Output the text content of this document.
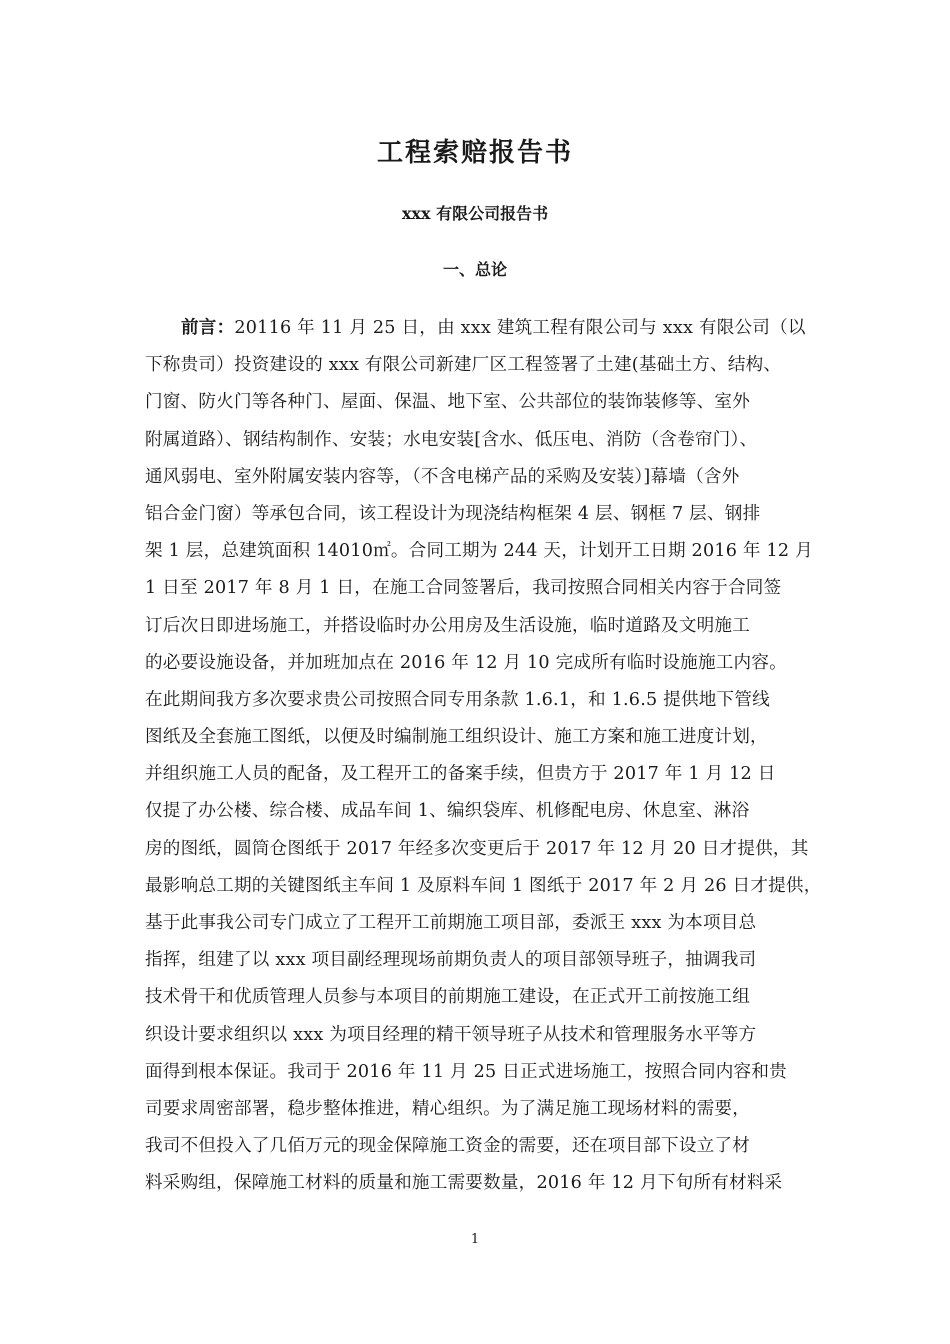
工程索赔报告书
xxx 有限公司报告书
一、总论
前言：20116 年 11 月 25 日，由 xxx 建筑工程有限公司与 xxx 有限公司（以
下称贵司）投资建设的 xxx 有限公司新建厂区工程签署了土建(基础土方、结构、
门窗、防火门等各种门、屋面、保温、地下室、公共部位的装饰装修等、室外
附属道路）、钢结构制作、安装；水电安装[含水、低压电、消防（含卷帘门）、
通风弱电、室外附属安装内容等，（不含电梯产品的采购及安装）]幕墙（含外
铝合金门窗）等承包合同，该工程设计为现浇结构框架 4 层、钢框 7 层、钢排
架 1 层，总建筑面积 14010㎡。合同工期为 244 天，计划开工日期 2016 年 12 月
1 日至 2017 年 8 月 1 日，在施工合同签署后，我司按照合同相关内容于合同签
订后次日即进场施工，并搭设临时办公用房及生活设施，临时道路及文明施工
的必要设施设备，并加班加点在 2016 年 12 月 10 完成所有临时设施施工内容。
在此期间我方多次要求贵公司按照合同专用条款 1.6.1，和 1.6.5 提供地下管线
图纸及全套施工图纸，以便及时编制施工组织设计、施工方案和施工进度计划，
并组织施工人员的配备，及工程开工的备案手续，但贵方于 2017 年 1 月 12 日
仅提了办公楼、综合楼、成品车间 1、编织袋库、机修配电房、休息室、淋浴
房的图纸，圆筒仓图纸于 2017 年经多次变更后于 2017 年 12 月 20 日才提供，其
最影响总工期的关键图纸主车间 1 及原料车间 1 图纸于 2017 年 2 月 26 日才提供，
基于此事我公司专门成立了工程开工前期施工项目部，委派王 xxx 为本项目总
指挥，组建了以 xxx 项目副经理现场前期负责人的项目部领导班子，抽调我司
技术骨干和优质管理人员参与本项目的前期施工建设，在正式开工前按施工组
织设计要求组织以 xxx 为项目经理的精干领导班子从技术和管理服务水平等方
面得到根本保证。我司于 2016 年 11 月 25 日正式进场施工，按照合同内容和贵
司要求周密部署，稳步整体推进，精心组织。为了满足施工现场材料的需要，
我司不但投入了几佰万元的现金保障施工资金的需要，还在项目部下设立了材
料采购组，保障施工材料的质量和施工需要数量，2016 年 12 月下旬所有材料采
1
